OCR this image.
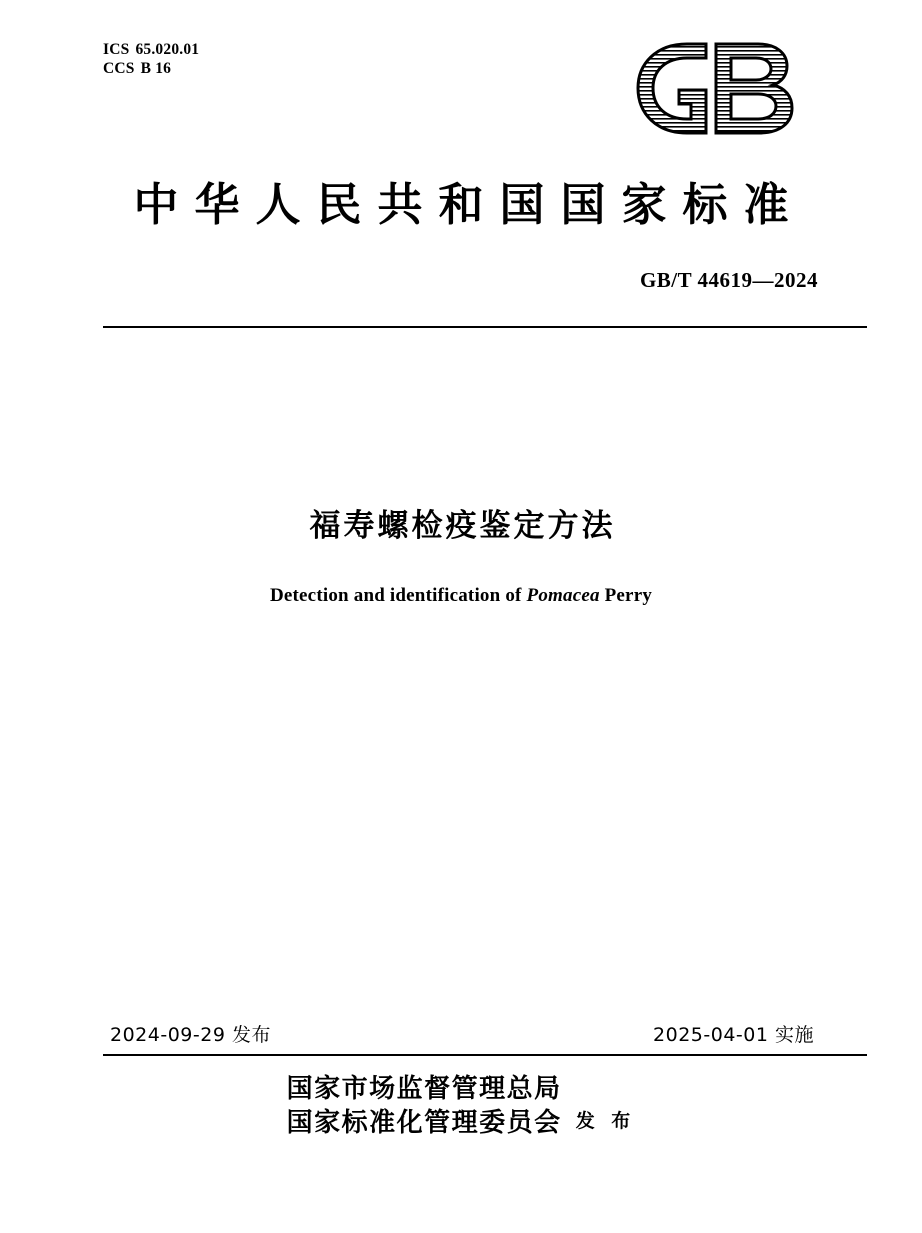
ICS 65.020.01
CCS B 16
中华人民共和国国家标准
GB/T 44619—2024
福寿螺检疫鉴定方法
Detection and identification of Pomacea Perry
2024-09-29 发布	2025-04-01 实施
国家市场监督管理总局
国家标准化管理委员会 发 布
